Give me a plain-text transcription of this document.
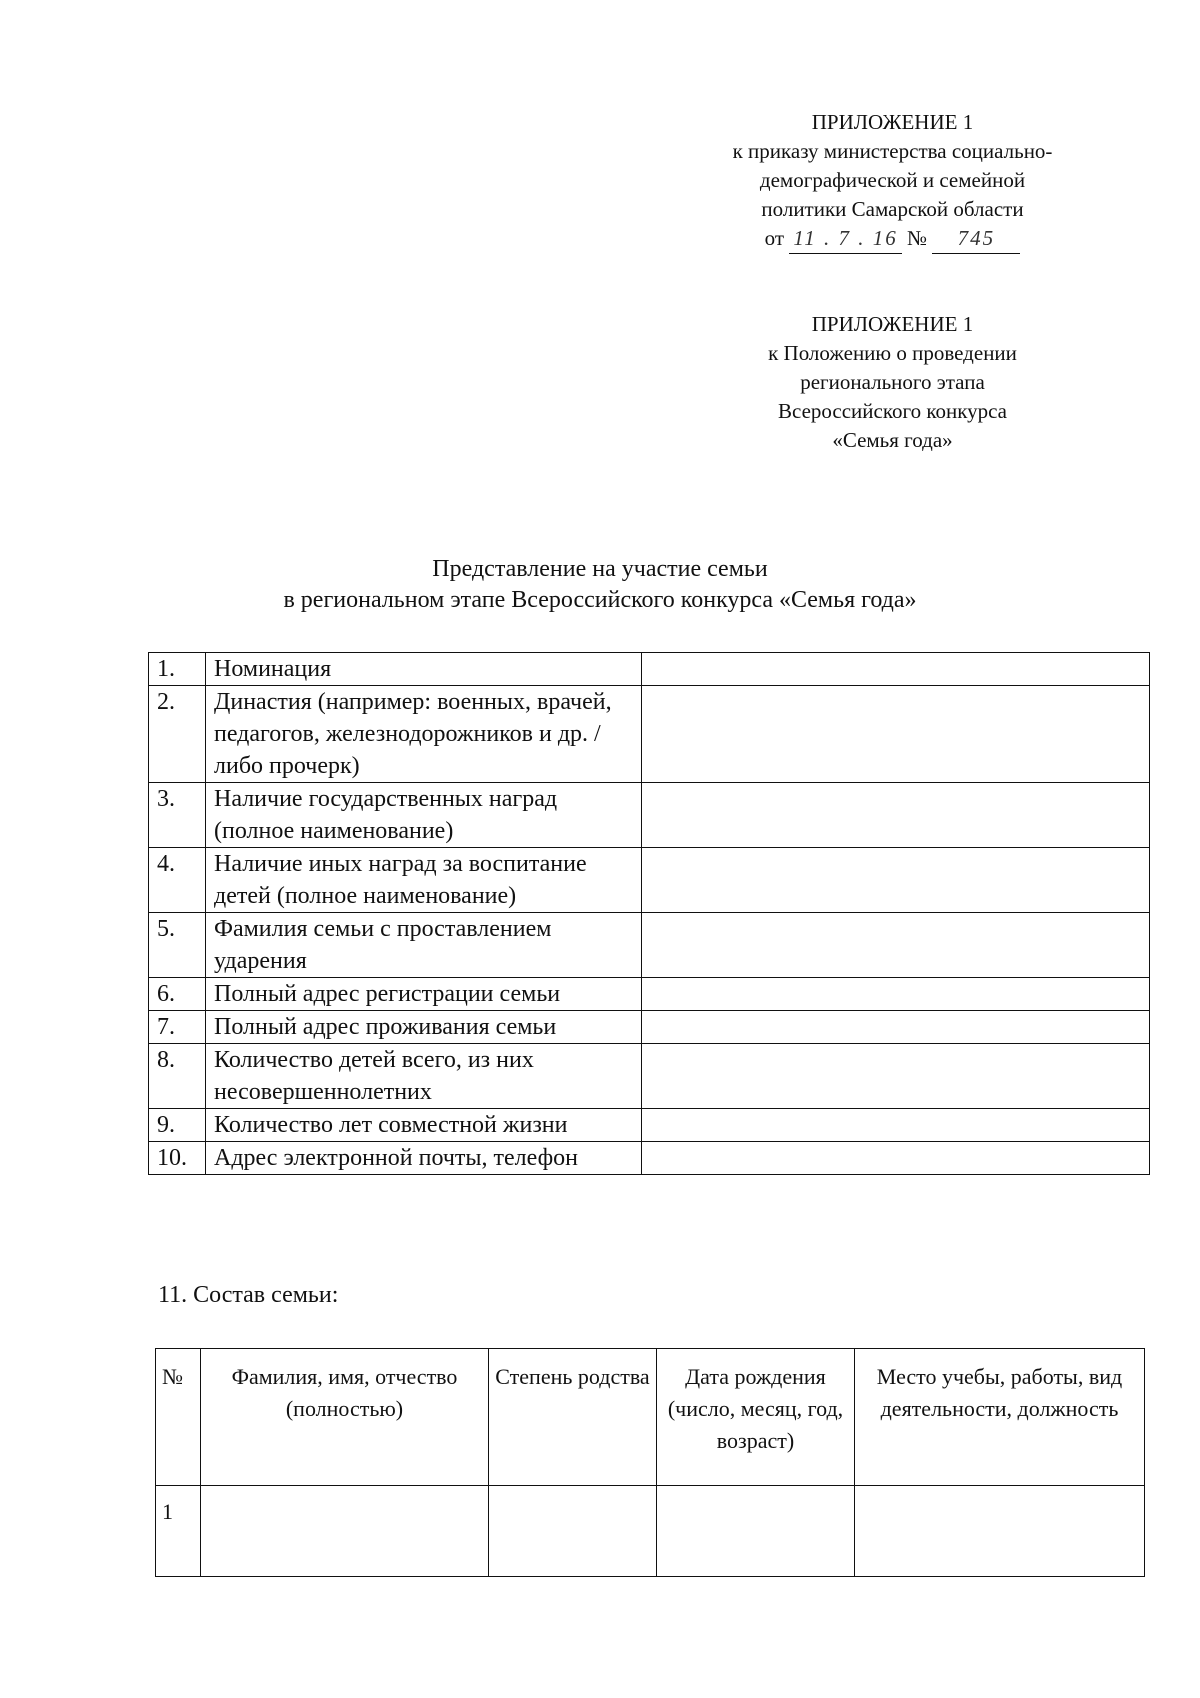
ПРИЛОЖЕНИЕ 1
к приказу министерства социально-
демографической и семейной
политики Самарской области
от 11 . 7 . 16 № 745
ПРИЛОЖЕНИЕ 1
к Положению о проведении
регионального этапа
Всероссийского конкурса
«Семья года»
Представление на участие семьи
в региональном этапе Всероссийского конкурса «Семья года»
1.	Номинация	
2.	Династия (например: военных, врачей, педагогов, железнодорожников и др. / либо прочерк)	
3.	Наличие государственных наград (полное наименование)	
4.	Наличие иных наград за воспитание детей (полное наименование)	
5.	Фамилия семьи с проставлением ударения	
6.	Полный адрес регистрации семьи	
7.	Полный адрес проживания семьи	
8.	Количество детей всего, из них несовершеннолетних	
9.	Количество лет совместной жизни	
10.	Адрес электронной почты, телефон	
11. Состав семьи:
№	Фамилия, имя, отчество (полностью)	Степень родства	Дата рождения (число, месяц, год, возраст)	Место учебы, работы, вид деятельности, должность
1				
